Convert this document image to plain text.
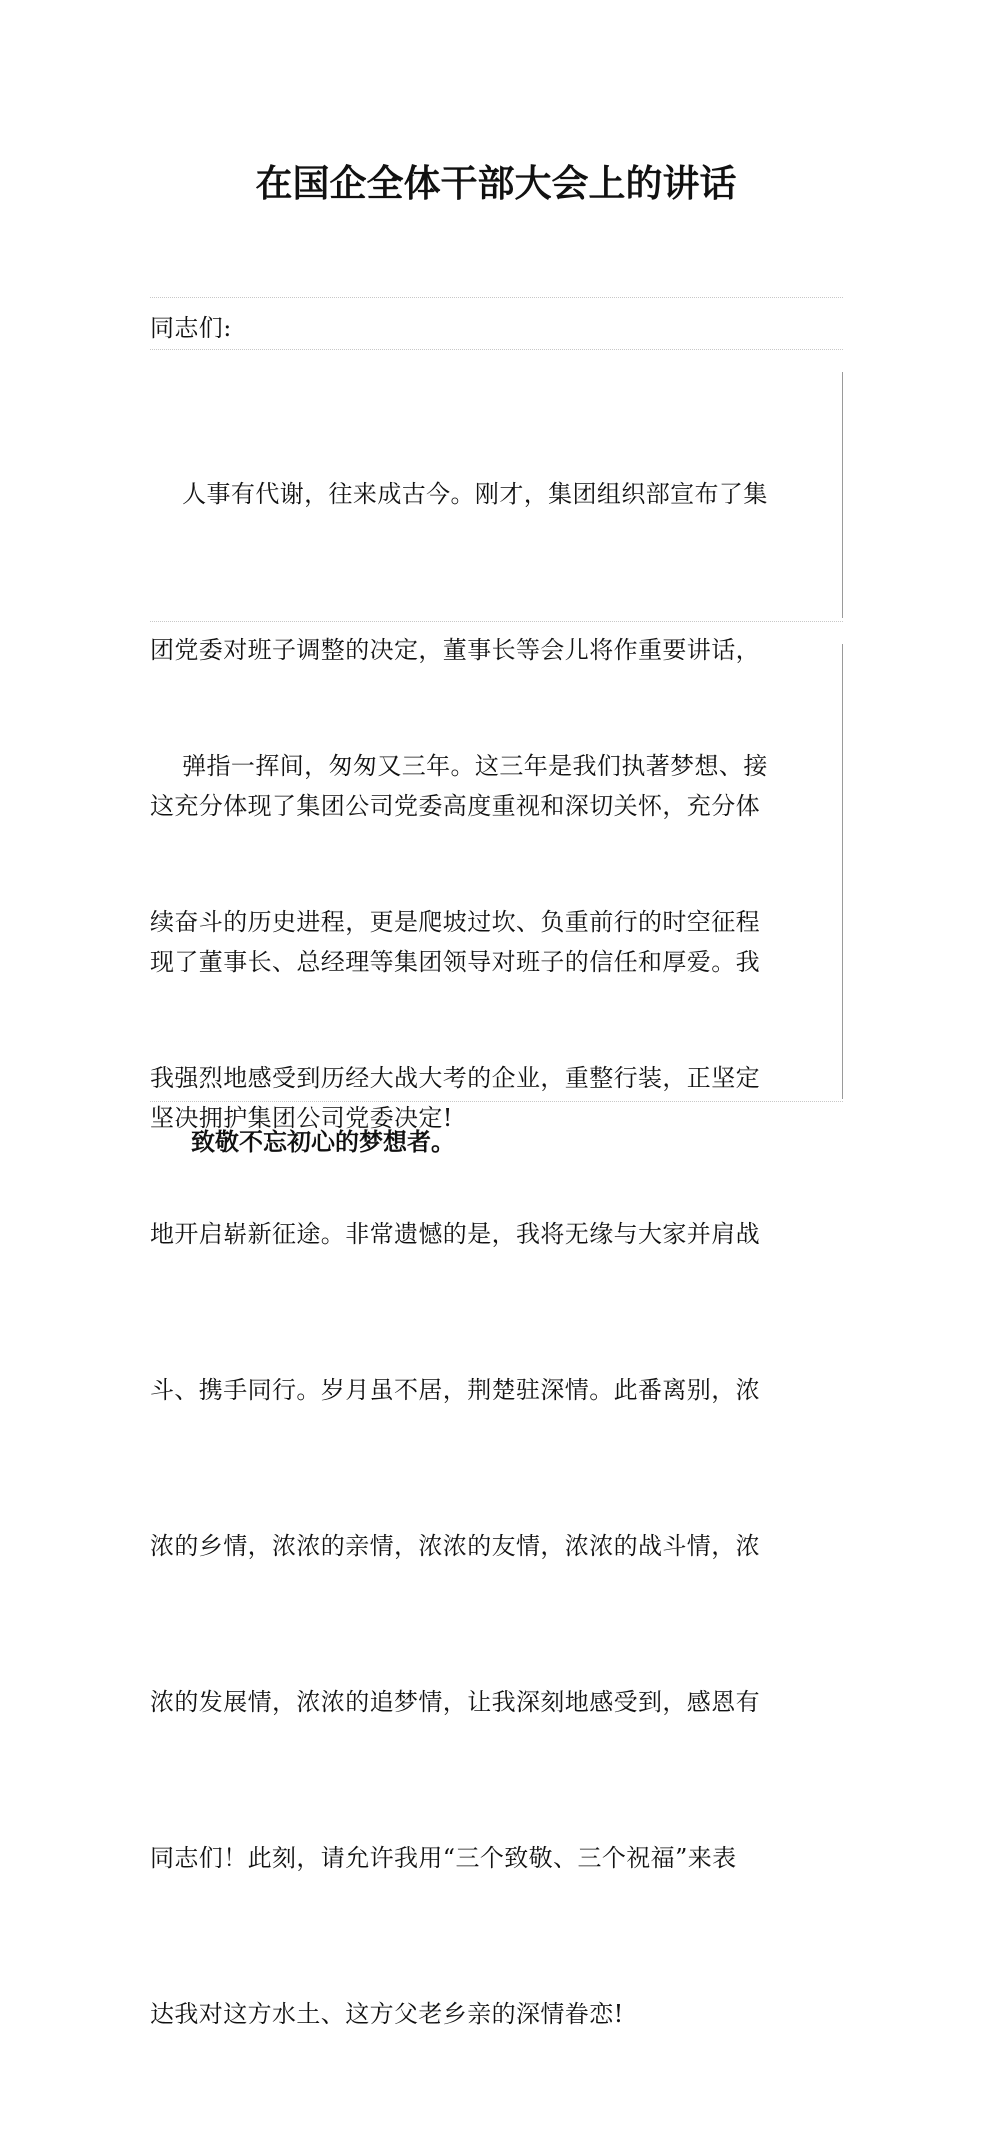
在国企全体干部大会上的讲话
同志们:

人事有代谢，往来成古今。刚才，集团组织部宣布了集

团党委对班子调整的决定，董事长等会儿将作重要讲话，

这充分体现了集团公司党委高度重视和深切关怀，充分体

现了董事长、总经理等集团领导对班子的信任和厚爱。我

坚决拥护集团公司党委决定!

弹指一挥间，匆匆又三年。这三年是我们执著梦想、接

续奋斗的历史进程，更是爬坡过坎、负重前行的时空征程

我强烈地感受到历经大战大考的企业，重整行装，正坚定

地开启崭新征途。非常遗憾的是，我将无缘与大家并肩战

斗、携手同行。岁月虽不居，荆楚驻深情。此番离别，浓

浓的乡情，浓浓的亲情，浓浓的友情，浓浓的战斗情，浓

浓的发展情，浓浓的追梦情，让我深刻地感受到，感恩有

同志们！此刻，请允许我用“三个致敬、三个祝福”来表

达我对这方水土、这方父老乡亲的深情眷恋!

致敬不忘初心的梦想者。
